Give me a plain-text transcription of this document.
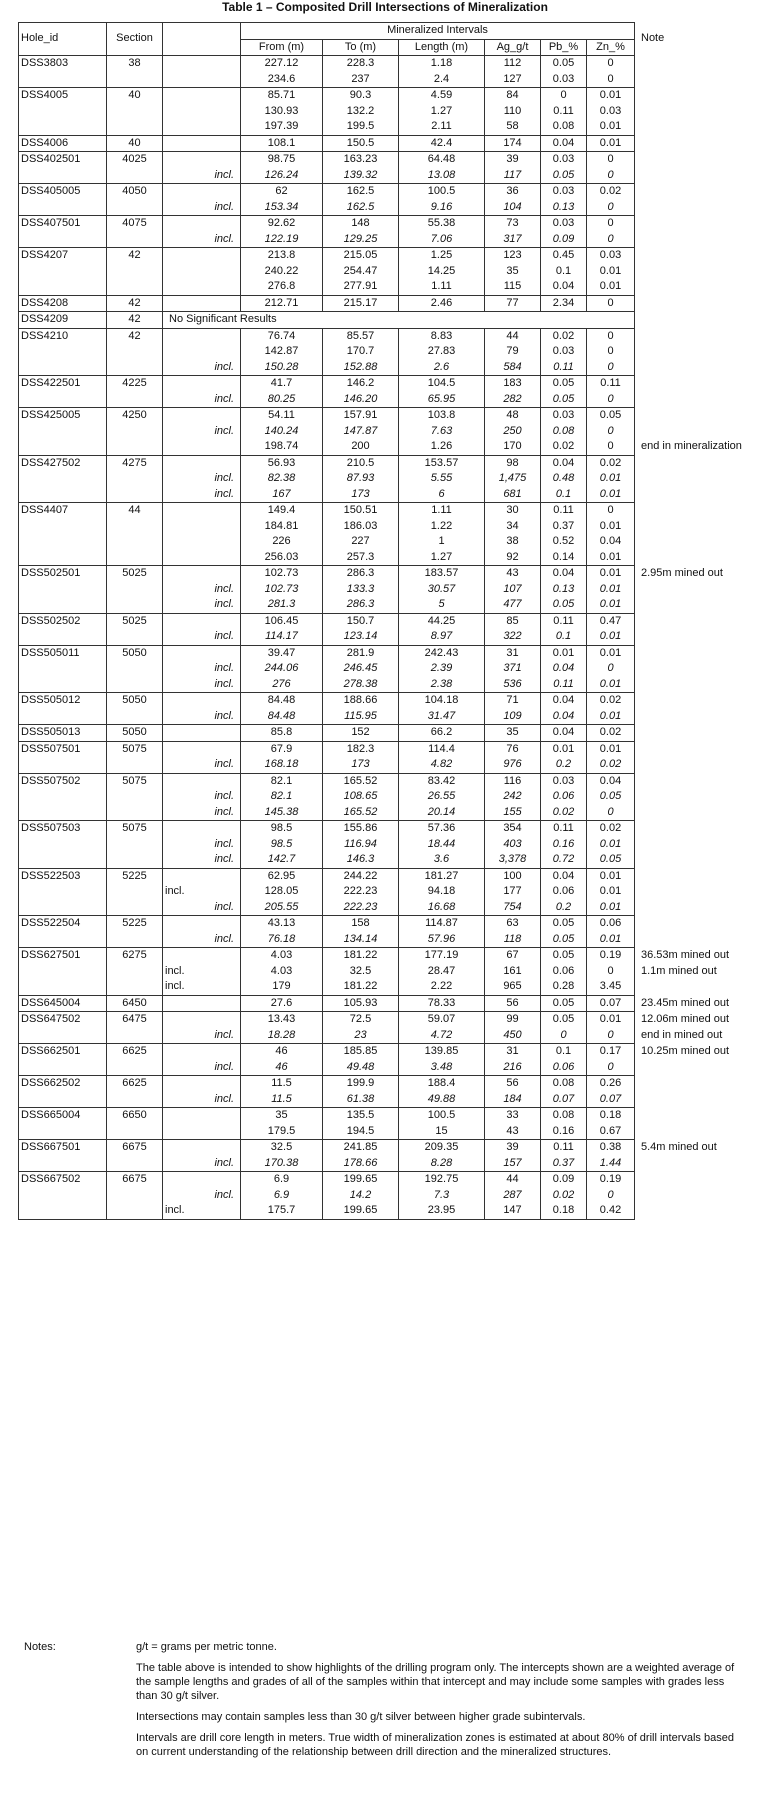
Table 1 – Composited Drill Intersections of Mineralization
Hole_id	Section		Mineralized Intervals						Note
			From (m)	To (m)	Length (m)	Ag_g/t	Pb_%	Zn_%	
DSS3803	38		227.12	228.3	1.18	112	0.05	0	
			234.6	237	2.4	127	0.03	0	
DSS4005	40		85.71	90.3	4.59	84	0	0.01	
			130.93	132.2	1.27	110	0.11	0.03	
			197.39	199.5	2.11	58	0.08	0.01	
DSS4006	40		108.1	150.5	42.4	174	0.04	0.01	
DSS402501	4025		98.75	163.23	64.48	39	0.03	0	
		incl.	126.24	139.32	13.08	117	0.05	0	
DSS405005	4050		62	162.5	100.5	36	0.03	0.02	
		incl.	153.34	162.5	9.16	104	0.13	0	
DSS407501	4075		92.62	148	55.38	73	0.03	0	
		incl.	122.19	129.25	7.06	317	0.09	0	
DSS4207	42		213.8	215.05	1.25	123	0.45	0.03	
			240.22	254.47	14.25	35	0.1	0.01	
			276.8	277.91	1.11	115	0.04	0.01	
DSS4208	42		212.71	215.17	2.46	77	2.34	0	
DSS4209	42	No Significant Results							
DSS4210	42		76.74	85.57	8.83	44	0.02	0	
			142.87	170.7	27.83	79	0.03	0	
		incl.	150.28	152.88	2.6	584	0.11	0	
DSS422501	4225		41.7	146.2	104.5	183	0.05	0.11	
		incl.	80.25	146.20	65.95	282	0.05	0	
DSS425005	4250		54.11	157.91	103.8	48	0.03	0.05	
		incl.	140.24	147.87	7.63	250	0.08	0	
			198.74	200	1.26	170	0.02	0	end in mineralization
DSS427502	4275		56.93	210.5	153.57	98	0.04	0.02	
		incl.	82.38	87.93	5.55	1,475	0.48	0.01	
		incl.	167	173	6	681	0.1	0.01	
DSS4407	44		149.4	150.51	1.11	30	0.11	0	
			184.81	186.03	1.22	34	0.37	0.01	
			226	227	1	38	0.52	0.04	
			256.03	257.3	1.27	92	0.14	0.01	
DSS502501	5025		102.73	286.3	183.57	43	0.04	0.01	2.95m mined out
		incl.	102.73	133.3	30.57	107	0.13	0.01	
		incl.	281.3	286.3	5	477	0.05	0.01	
DSS502502	5025		106.45	150.7	44.25	85	0.11	0.47	
		incl.	114.17	123.14	8.97	322	0.1	0.01	
DSS505011	5050		39.47	281.9	242.43	31	0.01	0.01	
		incl.	244.06	246.45	2.39	371	0.04	0	
		incl.	276	278.38	2.38	536	0.11	0.01	
DSS505012	5050		84.48	188.66	104.18	71	0.04	0.02	
		incl.	84.48	115.95	31.47	109	0.04	0.01	
DSS505013	5050		85.8	152	66.2	35	0.04	0.02	
DSS507501	5075		67.9	182.3	114.4	76	0.01	0.01	
		incl.	168.18	173	4.82	976	0.2	0.02	
DSS507502	5075		82.1	165.52	83.42	116	0.03	0.04	
		incl.	82.1	108.65	26.55	242	0.06	0.05	
		incl.	145.38	165.52	20.14	155	0.02	0	
DSS507503	5075		98.5	155.86	57.36	354	0.11	0.02	
		incl.	98.5	116.94	18.44	403	0.16	0.01	
		incl.	142.7	146.3	3.6	3,378	0.72	0.05	
DSS522503	5225		62.95	244.22	181.27	100	0.04	0.01	
		incl.	128.05	222.23	94.18	177	0.06	0.01	
		incl.	205.55	222.23	16.68	754	0.2	0.01	
DSS522504	5225		43.13	158	114.87	63	0.05	0.06	
		incl.	76.18	134.14	57.96	118	0.05	0.01	
DSS627501	6275		4.03	181.22	177.19	67	0.05	0.19	36.53m mined out
		incl.	4.03	32.5	28.47	161	0.06	0	1.1m mined out
		incl.	179	181.22	2.22	965	0.28	3.45	
DSS645004	6450		27.6	105.93	78.33	56	0.05	0.07	23.45m mined out
DSS647502	6475		13.43	72.5	59.07	99	0.05	0.01	12.06m mined out
		incl.	18.28	23	4.72	450	0	0	end in mined out
DSS662501	6625		46	185.85	139.85	31	0.1	0.17	10.25m mined out
		incl.	46	49.48	3.48	216	0.06	0	
DSS662502	6625		11.5	199.9	188.4	56	0.08	0.26	
		incl.	11.5	61.38	49.88	184	0.07	0.07	
DSS665004	6650		35	135.5	100.5	33	0.08	0.18	
			179.5	194.5	15	43	0.16	0.67	
DSS667501	6675		32.5	241.85	209.35	39	0.11	0.38	5.4m mined out
		incl.	170.38	178.66	8.28	157	0.37	1.44	
DSS667502	6675		6.9	199.65	192.75	44	0.09	0.19	
		incl.	6.9	14.2	7.3	287	0.02	0	
		incl.	175.7	199.65	23.95	147	0.18	0.42	
Notes:	g/t = grams per metric tonne.

The table above is intended to show highlights of the drilling program only. The intercepts shown are a weighted average of the sample lengths and grades of all of the samples within that intercept and may include some samples with grades less than 30 g/t silver.

Intersections may contain samples less than 30 g/t silver between higher grade subintervals.

Intervals are drill core length in meters. True width of mineralization zones is estimated at about 80% of drill intervals based on current understanding of the relationship between drill direction and the mineralized structures.
